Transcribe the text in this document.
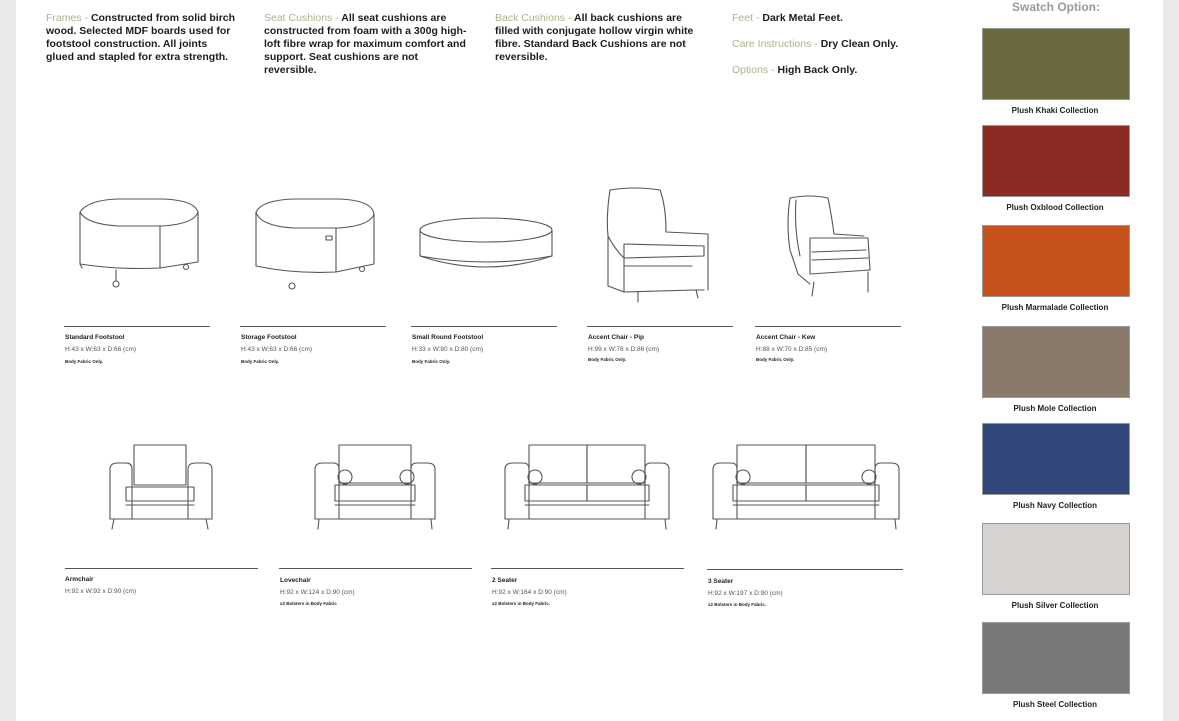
Frames - Constructed from solid birch wood. Selected MDF boards used for footstool construction. All joints glued and stapled for extra strength.
Seat Cushions - All seat cushions are constructed from foam with a 300g high-loft fibre wrap for maximum comfort and support. Seat cushions are not reversible.
Back Cushions - All back cushions are filled with conjugate hollow virgin white fibre. Standard Back Cushions are not reversible.
Feet - Dark Metal Feet.
Care Instructions - Dry Clean Only.
Options - High Back Only.
Standard Footstool
H:43 x W:63 x D:66 (cm)
Body Fabric Only.
Storage Footstool
H:43 x W:63 x D:66 (cm)
Body Fabric Only.
Small Round Footstool
H:33 x W:80 x D:80 (cm)
Body Fabric Only.
Accent Chair - Pip
H:99 x W:78 x D:86 (cm)
Body Fabric Only.
Accent Chair - Kew
H:88 x W:70 x D:85 (cm)
Body Fabric Only.
Armchair
H:92 x W:92 x D:90 (cm)
Lovechair
H:92 x W:124 x D:90 (cm)
x2 Bolsters in Body Fabric
2 Seater
H:92 x W:164 x D:90 (cm)
x2 Bolsters in Body Fabric.
3 Seater
H:92 x W:197 x D:90 (cm)
x2 Bolsters in Body Fabric.
Swatch Option:
Plush Khaki Collection
Plush Oxblood Collection
Plush Marmalade Collection
Plush Mole Collection
Plush Navy Collection
Plush Silver Collection
Plush Steel Collection
